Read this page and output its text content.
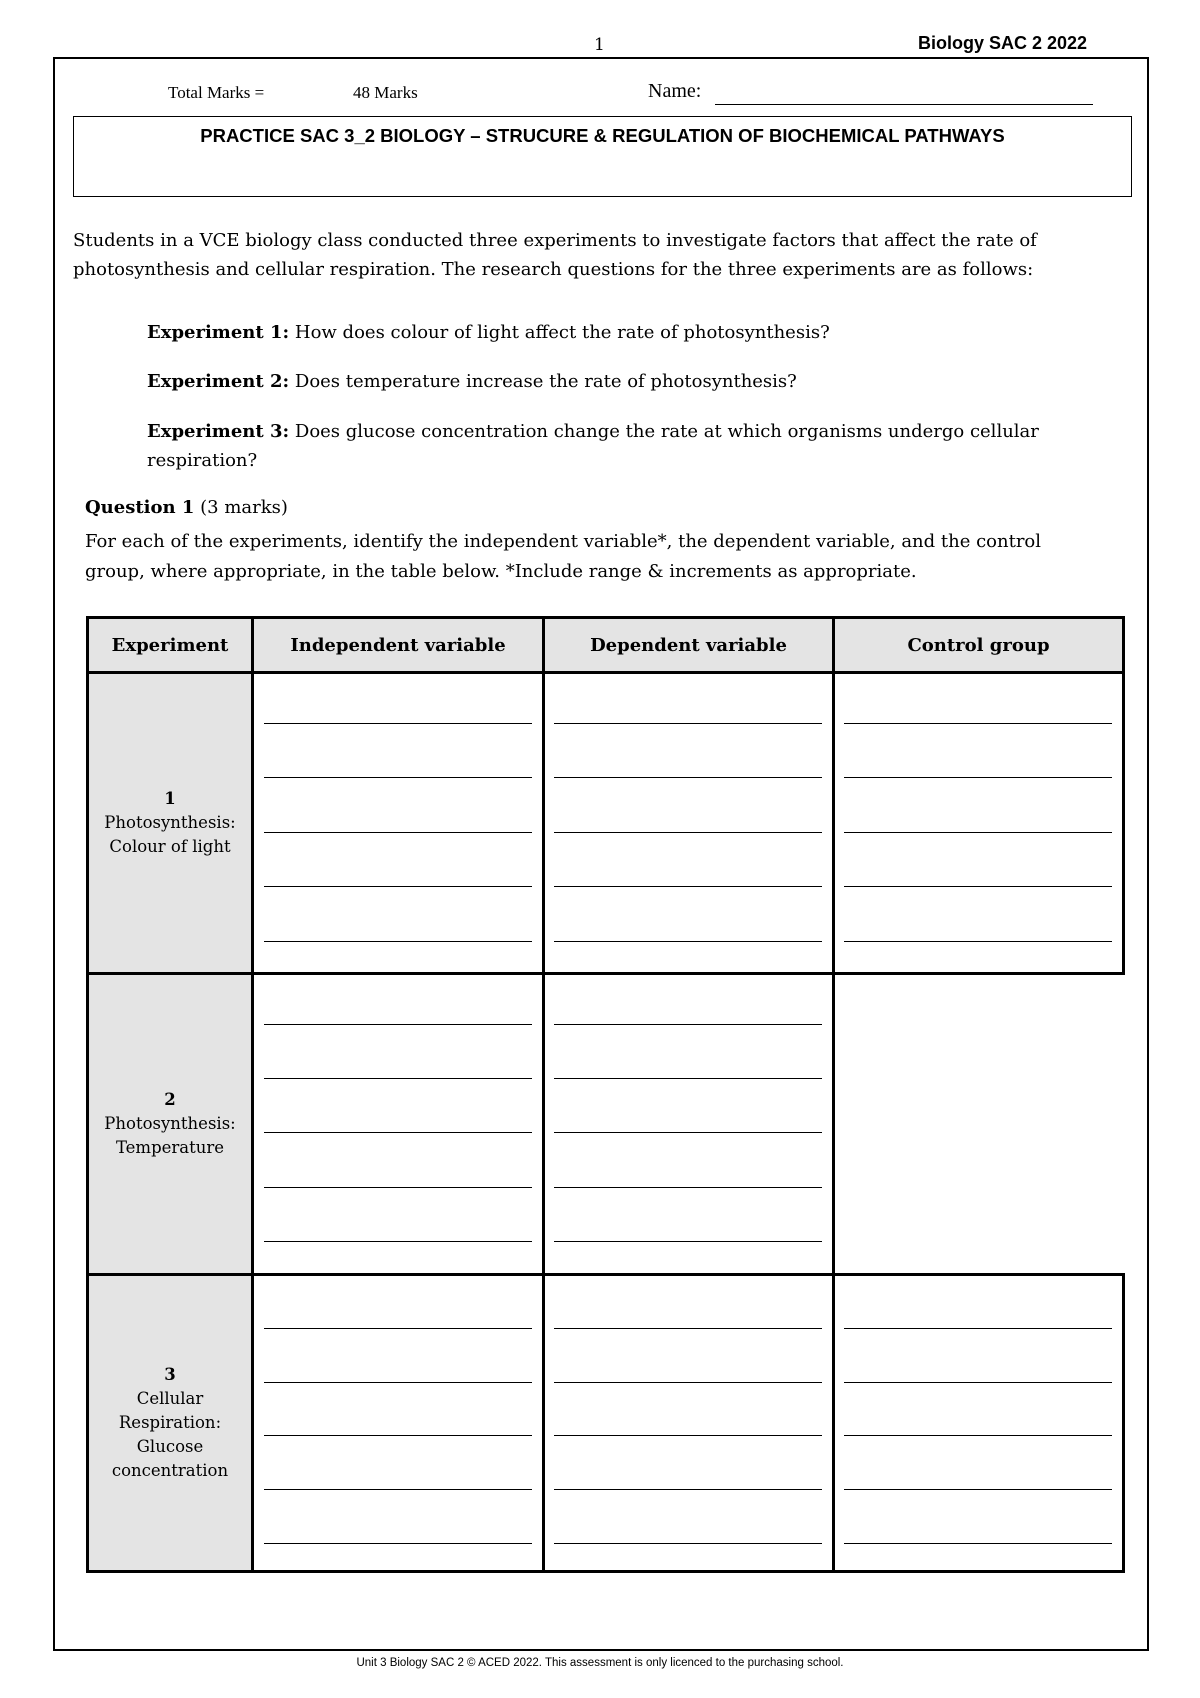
1	Biology SAC 2 2022
Total Marks =	48 Marks	Name:
PRACTICE SAC 3_2 BIOLOGY – STRUCURE & REGULATION OF BIOCHEMICAL PATHWAYS
Students in a VCE biology class conducted three experiments to investigate factors that affect the rate of
photosynthesis and cellular respiration. The research questions for the three experiments are as follows:
Experiment 1: How does colour of light affect the rate of photosynthesis?
Experiment 2: Does temperature increase the rate of photosynthesis?
Experiment 3: Does glucose concentration change the rate at which organisms undergo cellular
respiration?
Question 1 (3 marks)
For each of the experiments, identify the independent variable*, the dependent variable, and the control
group, where appropriate, in the table below. *Include range & increments as appropriate.
Experiment	Independent variable	Dependent variable	Control group
1
Photosynthesis:
Colour of light
2
Photosynthesis:
Temperature
3
Cellular
Respiration:
Glucose
concentration
Unit 3 Biology SAC 2 © ACED 2022. This assessment is only licenced to the purchasing school.
